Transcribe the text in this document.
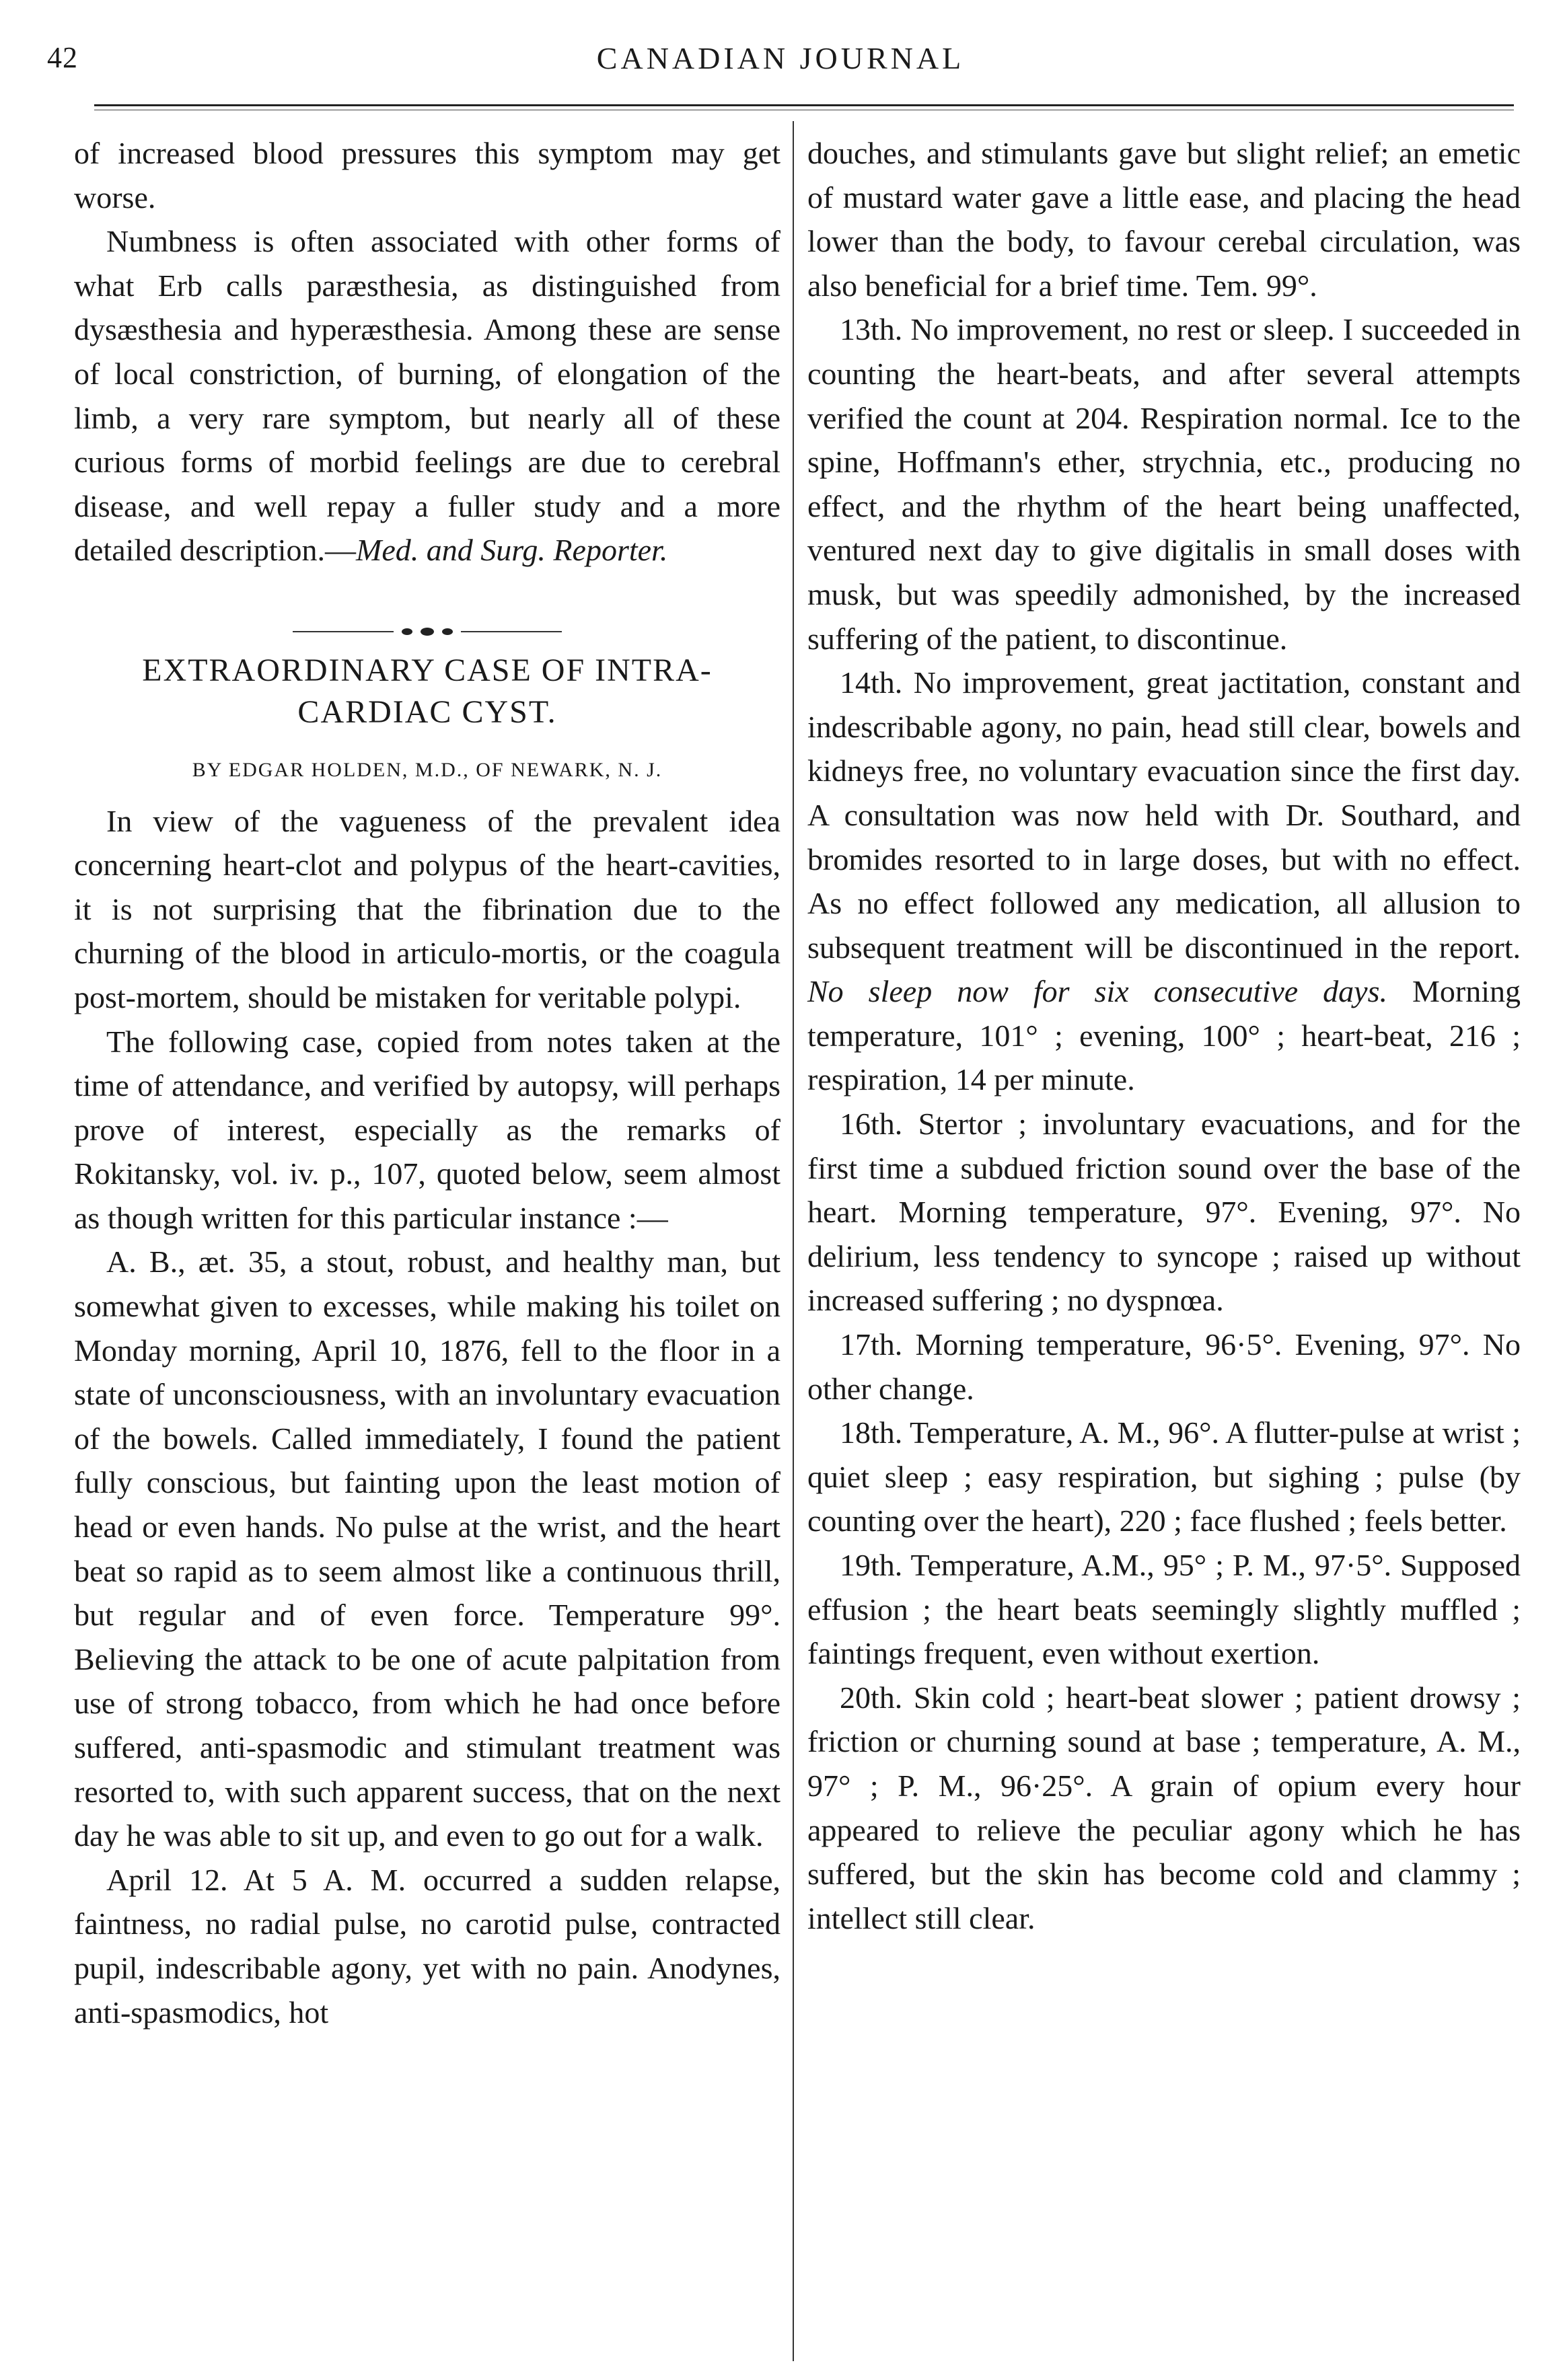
42	CANADIAN JOURNAL

of increased blood pressures this symptom may get worse.

Numbness is often associated with other forms of what Erb calls paræsthesia, as distinguished from dysæsthesia and hyperæsthesia. Among these are sense of local constriction, of burning, of elongation of the limb, a very rare symptom, but nearly all of these curious forms of morbid feelings are due to cerebral disease, and well repay a fuller study and a more detailed description.—Med. and Surg. Reporter.

EXTRAORDINARY CASE OF INTRA-
CARDIAC CYST.
BY EDGAR HOLDEN, M.D., OF NEWARK, N. J.

In view of the vagueness of the prevalent idea concerning heart-clot and polypus of the heart-cavities, it is not surprising that the fibrination due to the churning of the blood in articulo-mortis, or the coagula post-mortem, should be mistaken for veritable polypi.

The following case, copied from notes taken at the time of attendance, and verified by autopsy, will perhaps prove of interest, especially as the remarks of Rokitansky, vol. iv. p., 107, quoted below, seem almost as though written for this particular instance :—

A. B., æt. 35, a stout, robust, and healthy man, but somewhat given to excesses, while making his toilet on Monday morning, April 10, 1876, fell to the floor in a state of unconsciousness, with an involuntary evacuation of the bowels. Called immediately, I found the patient fully conscious, but fainting upon the least motion of head or even hands. No pulse at the wrist, and the heart beat so rapid as to seem almost like a continuous thrill, but regular and of even force. Temperature 99°. Believing the attack to be one of acute palpitation from use of strong tobacco, from which he had once before suffered, anti-spasmodic and stimulant treatment was resorted to, with such apparent success, that on the next day he was able to sit up, and even to go out for a walk.

April 12. At 5 A. M. occurred a sudden relapse, faintness, no radial pulse, no carotid pulse, contracted pupil, indescribable agony, yet with no pain. Anodynes, anti-spasmodics, hot

douches, and stimulants gave but slight relief; an emetic of mustard water gave a little ease, and placing the head lower than the body, to favour cerebal circulation, was also beneficial for a brief time. Tem. 99°.

13th. No improvement, no rest or sleep. I succeeded in counting the heart-beats, and after several attempts verified the count at 204. Respiration normal. Ice to the spine, Hoffmann's ether, strychnia, etc., producing no effect, and the rhythm of the heart being unaffected, ventured next day to give digitalis in small doses with musk, but was speedily admonished, by the increased suffering of the patient, to discontinue.

14th. No improvement, great jactitation, constant and indescribable agony, no pain, head still clear, bowels and kidneys free, no voluntary evacuation since the first day. A consultation was now held with Dr. Southard, and bromides resorted to in large doses, but with no effect. As no effect followed any medication, all allusion to subsequent treatment will be discontinued in the report. No sleep now for six consecutive days. Morning temperature, 101° ; evening, 100° ; heart-beat, 216 ; respiration, 14 per minute.

16th. Stertor ; involuntary evacuations, and for the first time a subdued friction sound over the base of the heart. Morning temperature, 97°. Evening, 97°. No delirium, less tendency to syncope ; raised up without increased suffering ; no dyspnœa.

17th. Morning temperature, 96·5°. Evening, 97°. No other change.

18th. Temperature, A. M., 96°. A flutter-pulse at wrist ; quiet sleep ; easy respiration, but sighing ; pulse (by counting over the heart), 220 ; face flushed ; feels better.

19th. Temperature, A.M., 95° ; P. M., 97·5°. Supposed effusion ; the heart beats seemingly slightly muffled ; faintings frequent, even without exertion.

20th. Skin cold ; heart-beat slower ; patient drowsy ; friction or churning sound at base ; temperature, A. M., 97° ; P. M., 96·25°. A grain of opium every hour appeared to relieve the peculiar agony which he has suffered, but the skin has become cold and clammy ; intellect still clear.
